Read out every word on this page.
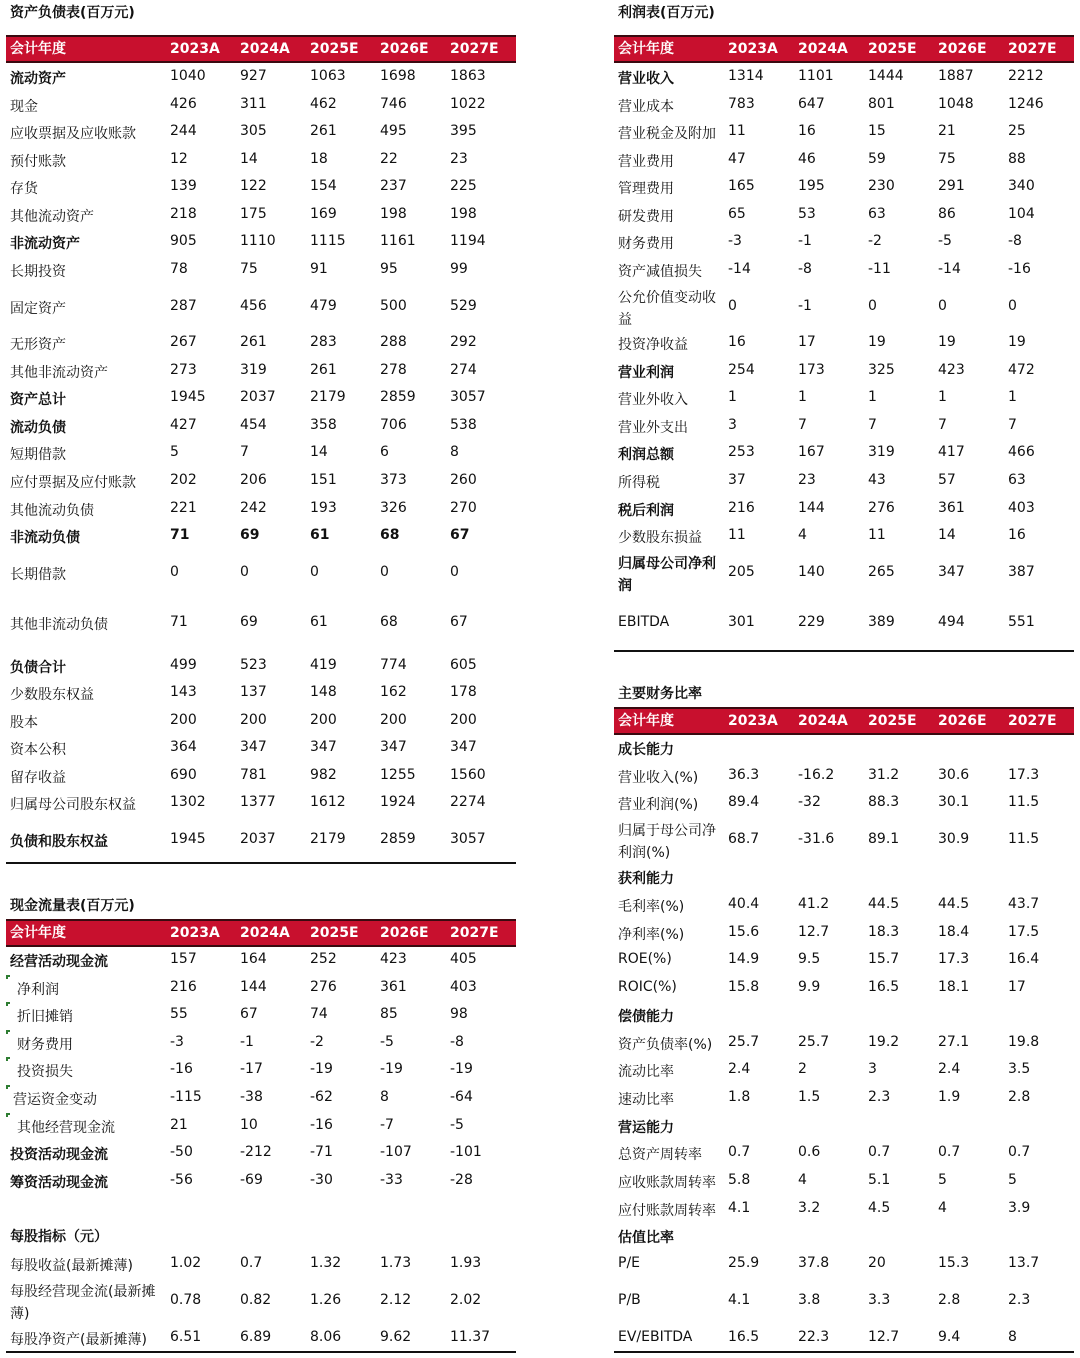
资产负债表(百万元)
会计年度	2023A 2024A 2025E 2026E 2027E
流动资产	1040 927	1063 1698 1863
现金	426	311	462	746	1022
应收票据及应收账款 244	305	261	495	395
预付账款	12	14	18	22	23
存货	139	122	154	237	225
其他流动资产	218	175	169	198	198
非流动资产	905	1110 1115 1161 1194
长期投资	78	75	91	95	99
固定资产	287	456	479	500	529
无形资产	267	261	283	288	292
其他非流动资产	273	319	261	278	274
资产总计	1945 2037 2179 2859 3057
流动负债	427	454	358	706	538
短期借款	5	7	14	6	8
应付票据及应付账款 202	206	151	373	260
其他流动负债	221	242	193	326	270
非流动负债	71	69	61	68	67
长期借款	0	0	0	0	0
其他非流动负债	71	69	61	68	67
负债合计	499	523	419	774	605
少数股东权益	143	137	148	162	178
股本	200	200	200	200	200
资本公积	364	347	347	347	347
留存收益	690	781	982	1255 1560
归属母公司股东权益 1302 1377 1612 1924 2274
负债和股东权益	1945 2037 2179 2859 3057
现金流量表(百万元)
会计年度	2023A 2024A 2025E 2026E 2027E
经营活动现金流	157	164	252	423	405
净利润	216	144	276	361	403
折旧摊销	55	67	74	85	98
财务费用	-3	-1	-2	-5	-8
投资损失	-16	-17	-19	-19	-19
营运资金变动	-115	-38	-62	8	-64
其他经营现金流	21	10	-16	-7	-5
投资活动现金流	-50	-212	-71	-107	-101
筹资活动现金流	-56	-69	-30	-33	-28
每股指标（元）
每股收益(最新摊薄)	1.02	0.7	1.32	1.73	1.93
每股经营现金流(最新摊薄)
0.78	0.82	1.26	2.12	2.02
每股净资产(最新摊薄) 6.51	6.89	8.06	9.62	11.37
利润表(百万元)
会计年度	2023A 2024A 2025E 2026E 2027E
营业收入	1314 1101 1444 1887 2212
营业成本	783	647	801	1048 1246
营业税金及附加 11	16	15	21	25
营业费用	47	46	59	75	88
管理费用	165	195	230	291	340
研发费用	65	53	63	86	104
财务费用	-3	-1	-2	-5	-8
资产减值损失 -14	-8	-11	-14	-16
公允价值变动收益
0	-1	0	0	0
投资净收益	16	17	19	19	19
营业利润	254	173	325	423	472
营业外收入	1	1	1	1	1
营业外支出	3	7	7	7	7
利润总额	253	167	319	417	466
所得税	37	23	43	57	63
税后利润	216	144	276	361	403
少数股东损益 11	4	11	14	16
归属母公司净利润
205	140	265	347	387
EBITDA	301	229	389	494	551
主要财务比率
会计年度	2023A 2024A 2025E 2026E 2027E
成长能力
营业收入(%) 36.3	-16.2 31.2	30.6	17.3
营业利润(%) 89.4	-32	88.3	30.1	11.5
归属于母公司净利润(%)
68.7	-31.6 89.1	30.9	11.5
获利能力
毛利率(%)	40.4	41.2	44.5	44.5	43.7
净利率(%)	15.6	12.7	18.3	18.4	17.5
ROE(%)	14.9	9.5	15.7	17.3	16.4
ROIC(%)	15.8	9.9	16.5	18.1	17
偿债能力
资产负债率(%) 25.7	25.7	19.2	27.1	19.8
流动比率	2.4	2	3	2.4	3.5
速动比率	1.8	1.5	2.3	1.9	2.8
营运能力
总资产周转率 0.7	0.6	0.7	0.7	0.7
应收账款周转率 5.8	4	5.1	5	5
应付账款周转率 4.1	3.2	4.5	4	3.9
估值比率
P/E	25.9	37.8	20	15.3	13.7
P/B	4.1	3.8	3.3	2.8	2.3
EV/EBITDA	16.5	22.3	12.7	9.4	8
